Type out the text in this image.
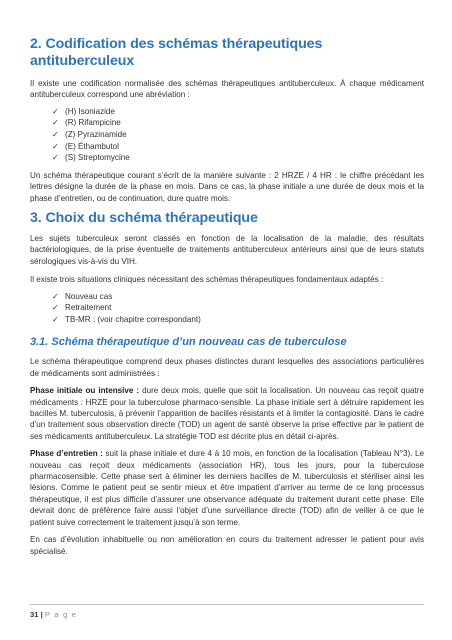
2. Codification des schémas thérapeutiques antituberculeux

Il existe une codification normalisée des schémas thérapeutiques antituberculeux. À chaque médicament antituberculeux correspond une abréviation :

✓ (H) Isoniazide
✓ (R) Rifampicine
✓ (Z) Pyrazinamide
✓ (E) Éthambutol
✓ (S) Streptomycine

Un schéma thérapeutique courant s’écrit de la manière suivante : 2 HRZE / 4 HR : le chiffre précédant les lettres désigne la durée de la phase en mois. Dans ce cas, la phase initiale a une durée de deux mois et la phase d’entretien, ou de continuation, dure quatre mois.

3. Choix du schéma thérapeutique

Les sujets tuberculeux seront classés en fonction de la localisation de la maladie, des résultats bactériologiques, de la prise éventuelle de traitements antituberculeux antérieurs ainsi que de leurs statuts sérologiques vis-à-vis du VIH.

Il existe trois situations cliniques nécessitant des schémas thérapeutiques fondamentaux adaptés :

✓ Nouveau cas
✓ Retraitement
✓ TB-MR : (voir chapitre correspondant)
3.1. Schéma thérapeutique d’un nouveau cas de tuberculose

Le schéma thérapeutique comprend deux phases distinctes durant lesquelles des associations particulières de médicaments sont administrées :

Phase initiale ou intensive : dure deux mois, quelle que soit la localisation. Un nouveau cas reçoit quatre médicaments : HRZE pour la tuberculose pharmaco-sensible. La phase initiale sert à détruire rapidement les bacilles M. tuberculosis, à prévenir l’apparition de bacilles résistants et à limiter la contagiosité. Dans le cadre d’un traitement sous observation directe (TOD) un agent de santé observe la prise effective par le patient de ses médicaments antituberculeux. La stratégie TOD est décrite plus en détail ci-après.

Phase d’entretien : suit la phase initiale et dure 4 à 10 mois, en fonction de la localisation (Tableau N°3). Le nouveau cas reçoit deux médicaments (association HR), tous les jours, pour la tuberculose pharmacosensible. Cette phase sert à éliminer les derniers bacilles de M. tuberculosis et stériliser ainsi les lésions. Comme le patient peut se sentir mieux et être impatient d’arriver au terme de ce long processus thérapeutique, il est plus difficile d’assurer une observance adéquate du traitement durant cette phase. Elle devrait donc de préférence faire aussi l’objet d’une surveillance directe (TOD) afin de veiller à ce que le patient suive correctement le traitement jusqu’à son terme.

En cas d’évolution inhabituelle ou non amélioration en cours du traitement adresser le patient pour avis spécialisé.

31 | P a g e
